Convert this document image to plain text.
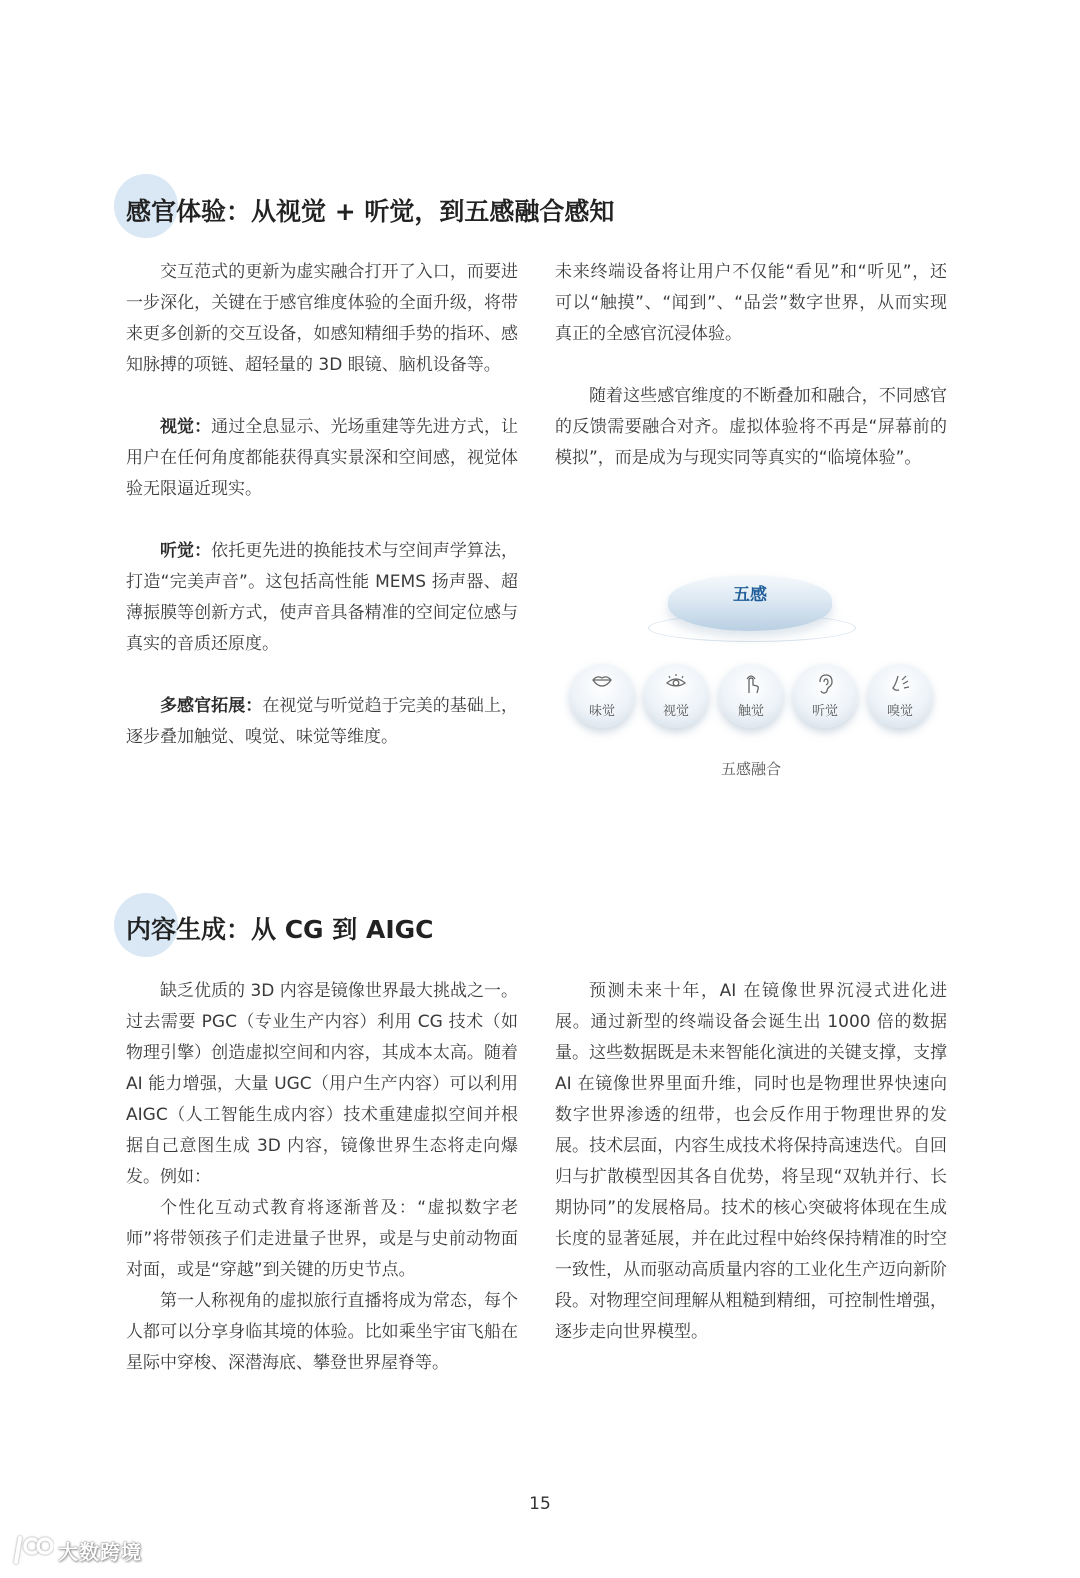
感官体验：从视觉 + 听觉，到五感融合感知

交互范式的更新为虚实融合打开了入口，而要进一步深化，关键在于感官维度体验的全面升级，将带来更多创新的交互设备，如感知精细手势的指环、感知脉搏的项链、超轻量的 3D 眼镜、脑机设备等。

视觉：通过全息显示、光场重建等先进方式，让用户在任何角度都能获得真实景深和空间感，视觉体验无限逼近现实。

听觉：依托更先进的换能技术与空间声学算法，打造“完美声音”。这包括高性能 MEMS 扬声器、超薄振膜等创新方式，使声音具备精准的空间定位感与真实的音质还原度。

多感官拓展：在视觉与听觉趋于完美的基础上，逐步叠加触觉、嗅觉、味觉等维度。

未来终端设备将让用户不仅能“看见”和“听见”，还可以“触摸”、“闻到”、“品尝”数字世界，从而实现真正的全感官沉浸体验。

随着这些感官维度的不断叠加和融合，不同感官的反馈需要融合对齐。虚拟体验将不再是“屏幕前的模拟”，而是成为与现实同等真实的“临境体验”。

五感
味觉	视觉	触觉	听觉	嗅觉
五感融合
内容生成：从 CG 到 AIGC

缺乏优质的 3D 内容是镜像世界最大挑战之一。过去需要 PGC（专业生产内容）利用 CG 技术（如物理引擎）创造虚拟空间和内容，其成本太高。随着 AI 能力增强，大量 UGC（用户生产内容）可以利用 AIGC（人工智能生成内容）技术重建虚拟空间并根据自己意图生成 3D 内容，镜像世界生态将走向爆发。例如：

个性化互动式教育将逐渐普及：“虚拟数字老师”将带领孩子们走进量子世界，或是与史前动物面对面，或是“穿越”到关键的历史节点。

第一人称视角的虚拟旅行直播将成为常态，每个人都可以分享身临其境的体验。比如乘坐宇宙飞船在星际中穿梭、深潜海底、攀登世界屋脊等。

预测未来十年，AI 在镜像世界沉浸式进化进展。通过新型的终端设备会诞生出 1000 倍的数据量。这些数据既是未来智能化演进的关键支撑，支撑 AI 在镜像世界里面升维，同时也是物理世界快速向数字世界渗透的纽带，也会反作用于物理世界的发展。技术层面，内容生成技术将保持高速迭代。自回归与扩散模型因其各自优势，将呈现“双轨并行、长期协同”的发展格局。技术的核心突破将体现在生成长度的显著延展，并在此过程中始终保持精准的时空一致性，从而驱动高质量内容的工业化生产迈向新阶段。对物理空间理解从粗糙到精细，可控制性增强，逐步走向世界模型。

15
大数跨境
